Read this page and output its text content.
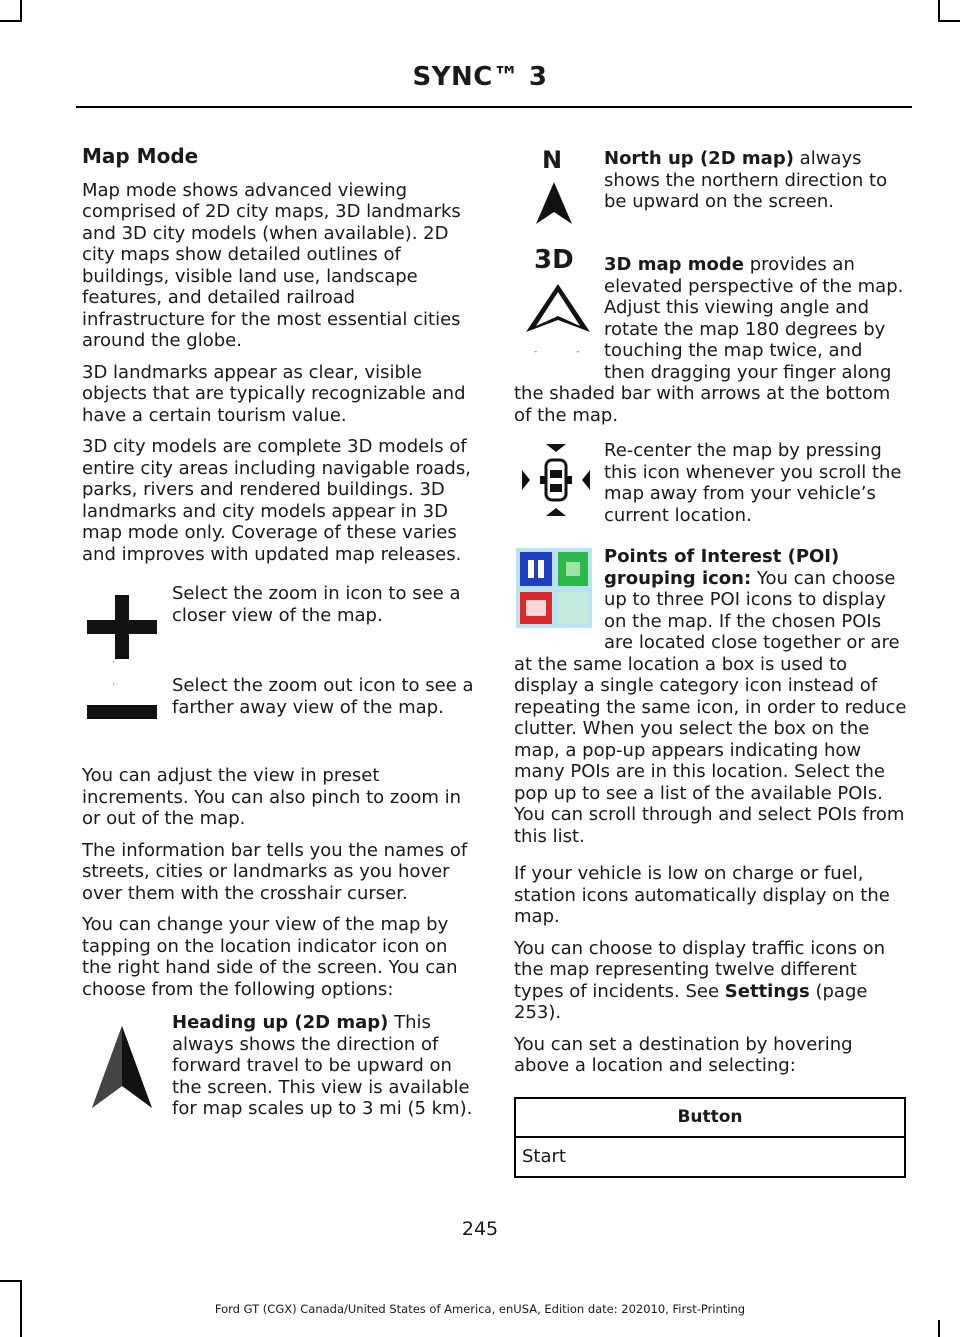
SYNC™ 3
Map Mode

Map mode shows advanced viewing comprised of 2D city maps, 3D landmarks and 3D city models (when available). 2D city maps show detailed outlines of buildings, visible land use, landscape features, and detailed railroad infrastructure for the most essential cities around the globe.

3D landmarks appear as clear, visible objects that are typically recognizable and have a certain tourism value.

3D city models are complete 3D models of entire city areas including navigable roads, parks, rivers and rendered buildings. 3D landmarks and city models appear in 3D map mode only. Coverage of these varies and improves with updated map releases.

· ·
Select the zoom in icon to see a closer view of the map.
Select the zoom out icon to see a farther away view of the map.

You can adjust the view in preset increments. You can also pinch to zoom in or out of the map.

The information bar tells you the names of streets, cities or landmarks as you hover over them with the crosshair curser.

You can change your view of the map by tapping on the location indicator icon on the right hand side of the screen. You can choose from the following options:

Heading up (2D map) This always shows the direction of forward travel to be upward on the screen. This view is available for map scales up to 3 mi (5 km).
N North up (2D map) always shows the northern direction to be upward on the screen.
3D
- -
3D map mode provides an elevated perspective of the map. Adjust this viewing angle and rotate the map 180 degrees by touching the map twice, and then dragging your finger along the shaded bar with arrows at the bottom of the map.
Re-center the map by pressing this icon whenever you scroll the map away from your vehicle’s current location.
Points of Interest (POI) grouping icon: You can choose up to three POI icons to display on the map. If the chosen POIs are located close together or are at the same location a box is used to display a single category icon instead of repeating the same icon, in order to reduce clutter. When you select the box on the map, a pop-up appears indicating how many POIs are in this location. Select the pop up to see a list of the available POIs. You can scroll through and select POIs from this list.

If your vehicle is low on charge or fuel, station icons automatically display on the map.

You can choose to display traffic icons on the map representing twelve different types of incidents. See Settings (page 253).

You can set a destination by hovering above a location and selecting:

Button
Start
245
Ford GT (CGX) Canada/United States of America, enUSA, Edition date: 202010, First-Printing
